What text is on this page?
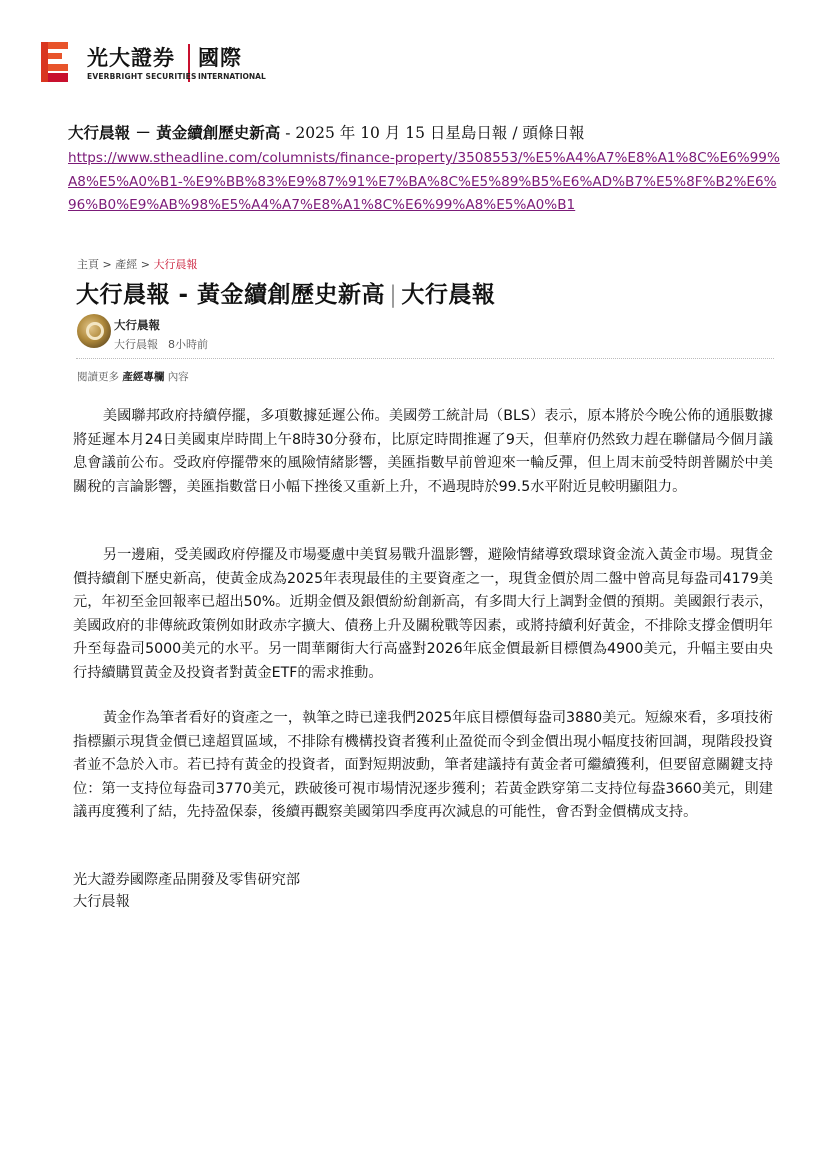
光大證券 國際
EVERBRIGHT SECURITIES INTERNATIONAL
大行晨報 － 黃金續創歷史新高 - 2025 年 10 月 15 日星島日報 / 頭條日報
https://www.stheadline.com/columnists/finance-property/3508553/%E5%A4%A7%E8%A1%8C%E6%99%A8%E5%A0%B1-%E9%BB%83%E9%87%91%E7%BA%8C%E5%89%B5%E6%AD%B7%E5%8F%B2%E6%96%B0%E9%AB%98%E5%A4%A7%E8%A1%8C%E6%99%A8%E5%A0%B1
主頁 > 產經 > 大行晨報
大行晨報 - 黃金續創歷史新高 | 大行晨報
大行晨報
大行晨報 8小時前
閱讀更多 產經專欄 內容

美國聯邦政府持續停擺，多項數據延遲公佈。美國勞工統計局（BLS）表示，原本將於今晚公佈的通脹數據將延遲本月24日美國東岸時間上午8時30分發布，比原定時間推遲了9天，但華府仍然致力趕在聯儲局今個月議息會議前公布。受政府停擺帶來的風險情緒影響，美匯指數早前曾迎來一輪反彈，但上周末前受特朗普關於中美關稅的言論影響，美匯指數當日小幅下挫後又重新上升，不過現時於99.5水平附近見較明顯阻力。

另一邊廂，受美國政府停擺及市場憂慮中美貿易戰升溫影響，避險情緒導致環球資金流入黃金市場。現貨金價持續創下歷史新高，使黃金成為2025年表現最佳的主要資產之一，現貨金價於周二盤中曾高見每盎司4179美元，年初至金回報率已超出50%。近期金價及銀價紛紛創新高，有多間大行上調對金價的預期。美國銀行表示，美國政府的非傳統政策例如財政赤字擴大、債務上升及關稅戰等因素，或將持續利好黃金，不排除支撐金價明年升至每盎司5000美元的水平。另一間華爾街大行高盛對2026年底金價最新目標價為4900美元，升幅主要由央行持續購買黃金及投資者對黃金ETF的需求推動。

黃金作為筆者看好的資產之一，執筆之時已達我們2025年底目標價每盎司3880美元。短線來看，多項技術指標顯示現貨金價已達超買區域，不排除有機構投資者獲利止盈從而令到金價出現小幅度技術回調，現階段投資者並不急於入市。若已持有黃金的投資者，面對短期波動，筆者建議持有黃金者可繼續獲利，但要留意關鍵支持位：第一支持位每盎司3770美元，跌破後可視市場情況逐步獲利；若黃金跌穿第二支持位每盎3660美元，則建議再度獲利了結，先持盈保泰，後續再觀察美國第四季度再次減息的可能性，會否對金價構成支持。

光大證券國際產品開發及零售研究部
大行晨報
